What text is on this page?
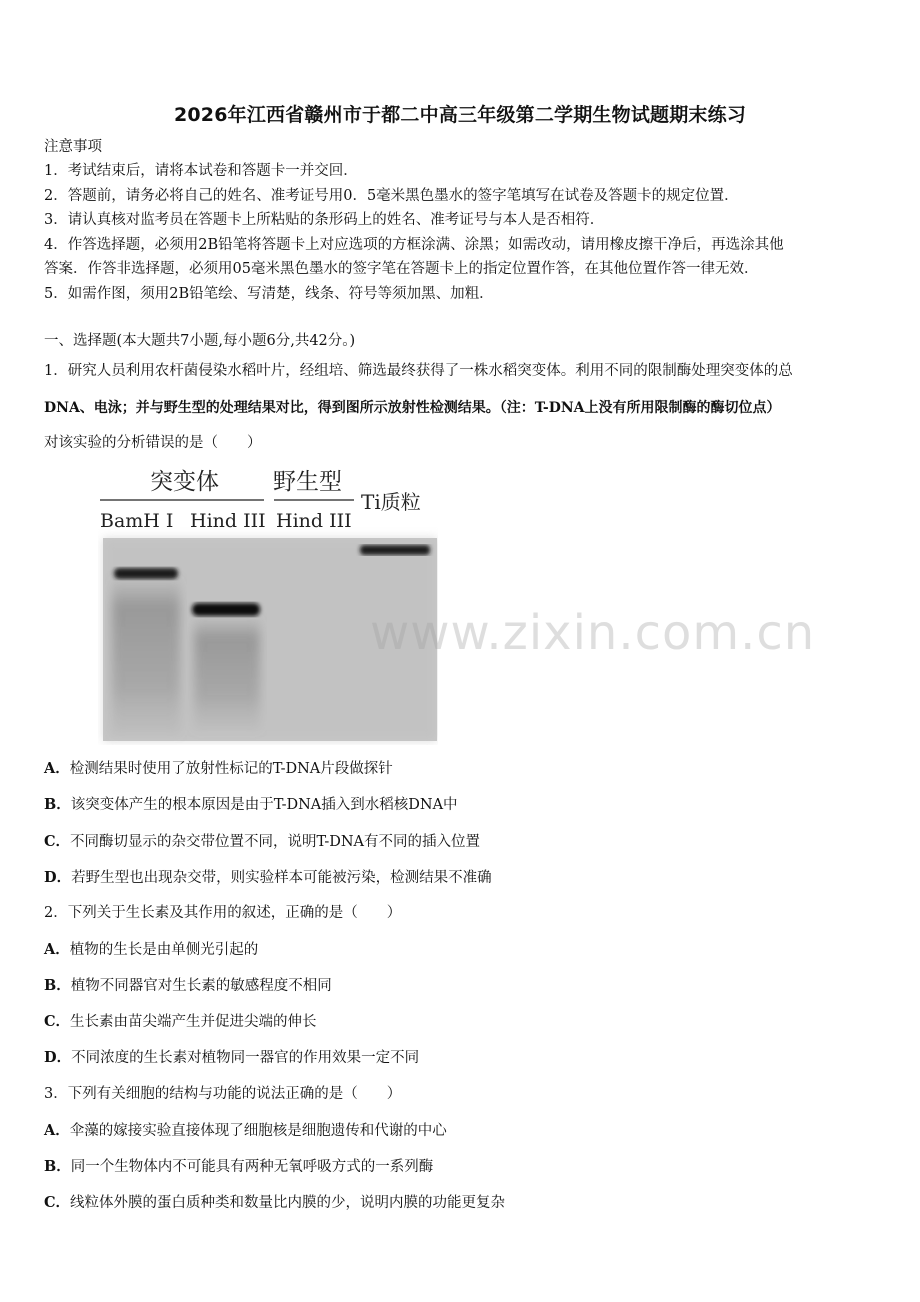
2026年江西省赣州市于都二中高三年级第二学期生物试题期末练习
注意事项
1．考试结束后，请将本试卷和答题卡一并交回．
2．答题前，请务必将自己的姓名、准考证号用0．5毫米黑色墨水的签字笔填写在试卷及答题卡的规定位置．
3．请认真核对监考员在答题卡上所粘贴的条形码上的姓名、准考证号与本人是否相符．
4．作答选择题，必须用2B铅笔将答题卡上对应选项的方框涂满、涂黑；如需改动，请用橡皮擦干净后，再选涂其他
答案．作答非选择题，必须用05毫米黑色墨水的签字笔在答题卡上的指定位置作答，在其他位置作答一律无效．
5．如需作图，须用2B铅笔绘、写清楚，线条、符号等须加黑、加粗．
一、选择题(本大题共7小题,每小题6分,共42分。)
1．研究人员利用农杆菌侵染水稻叶片，经组培、筛选最终获得了一株水稻突变体。利用不同的限制酶处理突变体的总
DNA、电泳；并与野生型的处理结果对比，得到图所示放射性检测结果。（注：T-DNA上没有所用限制酶的酶切位点）
对该实验的分析错误的是（　　）
突变体 野生型
BamH I Hind III Hind III
Ti质粒
www.zixin.com.cn
A．检测结果时使用了放射性标记的T-DNA片段做探针
B．该突变体产生的根本原因是由于T-DNA插入到水稻核DNA中
C．不同酶切显示的杂交带位置不同，说明T-DNA有不同的插入位置
D．若野生型也出现杂交带，则实验样本可能被污染，检测结果不准确
2．下列关于生长素及其作用的叙述，正确的是（　　）
A．植物的生长是由单侧光引起的
B．植物不同器官对生长素的敏感程度不相同
C．生长素由苗尖端产生并促进尖端的伸长
D．不同浓度的生长素对植物同一器官的作用效果一定不同
3．下列有关细胞的结构与功能的说法正确的是（　　）
A．伞藻的嫁接实验直接体现了细胞核是细胞遗传和代谢的中心
B．同一个生物体内不可能具有两种无氧呼吸方式的一系列酶
C．线粒体外膜的蛋白质种类和数量比内膜的少，说明内膜的功能更复杂
